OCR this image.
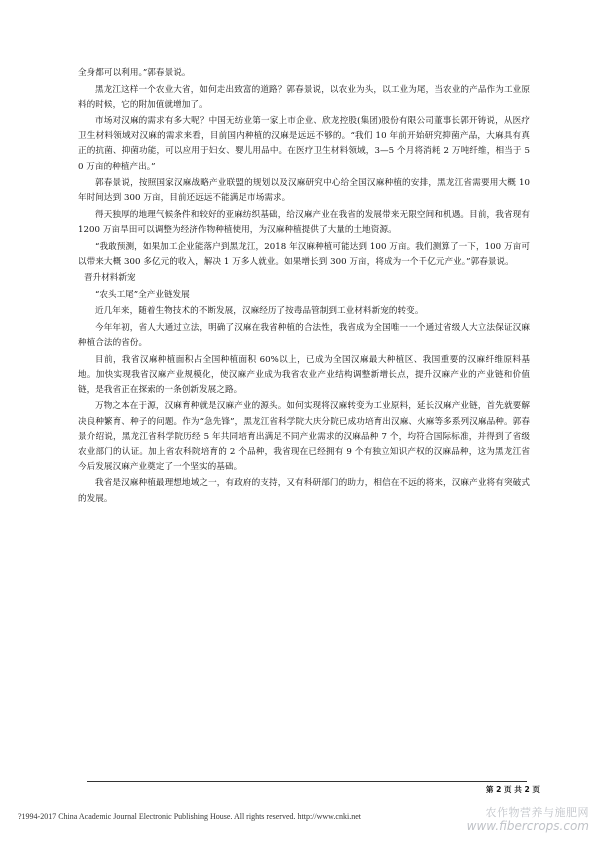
全身都可以利用。”郭春景说。

黑龙江这样一个农业大省，如何走出致富的道路？郭春景说，以农业为头，以工业为尾，当农业的产品作为工业原料的时候，它的附加值就增加了。

市场对汉麻的需求有多大呢？中国无纺业第一家上市企业、欣龙控股(集团)股份有限公司董事长郭开铸说，从医疗卫生材料领域对汉麻的需求来看，目前国内种植的汉麻是远远不够的。“我们 10 年前开始研究抑菌产品，大麻具有真正的抗菌、抑菌功能，可以应用于妇女、婴儿用品中。在医疗卫生材料领域，3—5 个月将消耗 2 万吨纤维，相当于 50 万亩的种植产出。”

郭春景说，按照国家汉麻战略产业联盟的规划以及汉麻研究中心给全国汉麻种植的安排，黑龙江省需要用大概 10 年时间达到 300 万亩，目前还远远不能满足市场需求。

得天独厚的地理气候条件和较好的亚麻纺织基础，给汉麻产业在我省的发展带来无限空间和机遇。目前，我省现有　1200 万亩旱田可以调整为经济作物种植使用，为汉麻种植提供了大量的土地资源。

“我敢预测，如果加工企业能落户到黑龙江，2018 年汉麻种植可能达到 100 万亩。我们测算了一下，100 万亩可以带来大概 300 多亿元的收入，解决 1 万多人就业。如果增长到 300 万亩，将成为一个千亿元产业。”郭春景说。

晋升材料新宠

“农头工尾”全产业链发展

近几年来，随着生物技术的不断发展，汉麻经历了按毒品管制到工业材料新宠的转变。

今年年初，省人大通过立法，明确了汉麻在我省种植的合法性，我省成为全国唯一一个通过省级人大立法保证汉麻种植合法的省份。

目前，我省汉麻种植面积占全国种植面积 60%以上，已成为全国汉麻最大种植区、我国重要的汉麻纤维原料基地。加快实现我省汉麻产业规模化，使汉麻产业成为我省农业产业结构调整新增长点，提升汉麻产业的产业链和价值链，是我省正在探索的一条创新发展之路。

万物之本在于源，汉麻育种就是汉麻产业的源头。如何实现将汉麻转变为工业原料，延长汉麻产业链，首先就要解决良种繁育、种子的问题。作为“急先锋”，黑龙江省科学院大庆分院已成功培育出汉麻、火麻等多系列汉麻品种。郭春景介绍说，黑龙江省科学院历经 5 年共同培育出满足不同产业需求的汉麻品种 7 个，均符合国际标准，并得到了省级农业部门的认证。加上省农科院培育的 2 个品种，我省现在已经拥有 9 个有独立知识产权的汉麻品种，这为黑龙江省今后发展汉麻产业奠定了一个坚实的基础。

我省是汉麻种植最理想地域之一，有政府的支持，又有科研部门的助力，相信在不远的将来，汉麻产业将有突破式的发展。

第 2 页 共 2 页
?1994-2017 China Academic Journal Electronic Publishing House. All rights reserved. http://www.cnki.net	农作物营养与施肥网
www.fibercrops.com
